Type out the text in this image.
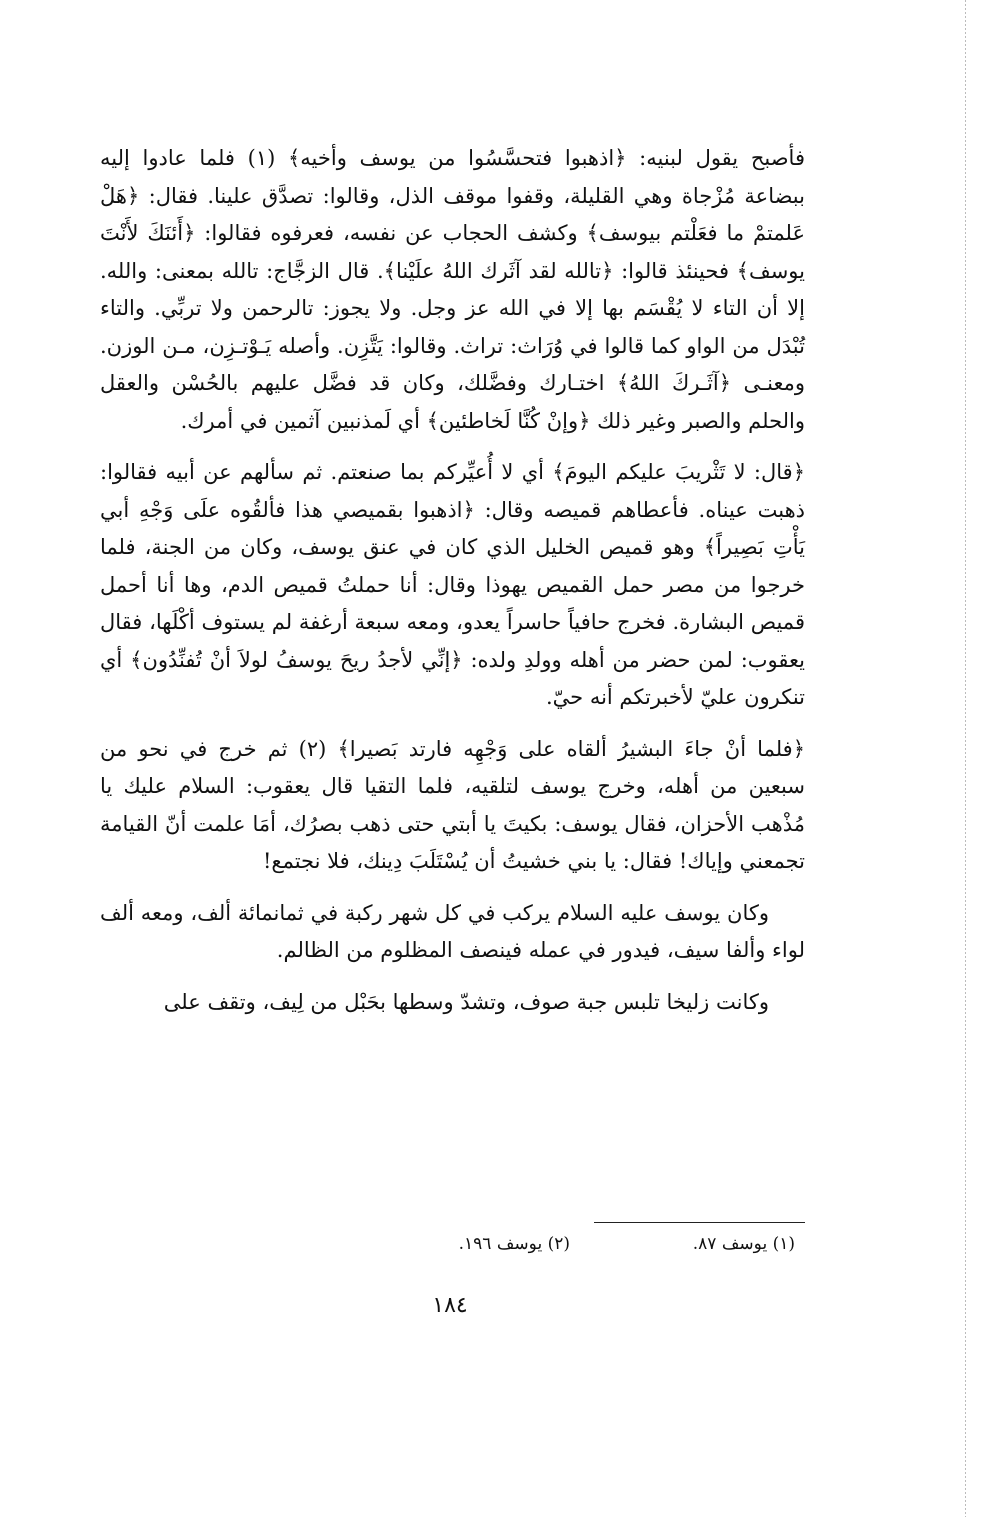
فأصبح يقول لبنيه: ﴿اذهبوا فتحسَّسُوا من يوسف وأخيه﴾ (١) فلما عادوا إليه ببضاعة مُزْجاة وهي القليلة، وقفوا موقف الذل، وقالوا: تصدَّق علينا. فقال: ﴿هَلْ عَلمتمْ ما فعَلْتم بيوسف﴾ وكشف الحجاب عن نفسه، فعرفوه فقالوا: ﴿أَئنَكَ لأَنْتَ يوسف﴾ فحينئذ قالوا: ﴿تالله لقد آثَرك اللهُ علَيْنا﴾. قال الزجَّاج: تالله بمعنى: والله. إلا أن التاء لا يُقْسَم بها إلا في الله عز وجل. ولا يجوز: تالرحمن ولا تربِّي. والتاء تُبْدَل من الواو كما قالوا في وُرَاث: تراث. وقالوا: يَتَّزِن. وأصله يَـوْتـزِن، مـن الوزن. ومعنـى ﴿آثَـركَ اللهُ﴾ اختـارك وفضَّلك، وكان قد فضَّل عليهم بالحُسْن والعقل والحلم والصبر وغير ذلك ﴿وإنْ كُنَّا لَخاطئين﴾ أي لَمذنبين آثمين في أمرك.

﴿قال: لا تَثْريبَ عليكم اليومَ﴾ أي لا أُعيِّركم بما صنعتم. ثم سألهم عن أبيه فقالوا: ذهبت عيناه. فأعطاهم قميصه وقال: ﴿اذهبوا بقميصي هذا فألقُوه علَى وَجْهِ أبي يَأْتِ بَصِيراً﴾ وهو قميص الخليل الذي كان في عنق يوسف، وكان من الجنة، فلما خرجوا من مصر حمل القميص يهوذا وقال: أنا حملتُ قميص الدم، وها أنا أحمل قميص البشارة. فخرج حافياً حاسراً يعدو، ومعه سبعة أرغفة لم يستوف أكْلَها، فقال يعقوب: لمن حضر من أهله وولدِ ولده: ﴿إنِّي لأجدُ ريحَ يوسفُ لولاَ أنْ تُفنِّدُون﴾ أي تنكرون عليّ لأخبرتكم أنه حيّ.

﴿فلما أنْ جاءَ البشيرُ ألقاه على وَجْهِه فارتد بَصيرا﴾ (٢) ثم خرج في نحو من سبعين من أهله، وخرج يوسف لتلقيه، فلما التقيا قال يعقوب: السلام عليك يا مُذْهب الأحزان، فقال يوسف: بكيتَ يا أبتي حتى ذهب بصرُك، أمَا علمت أنّ القيامة تجمعني وإياك! فقال: يا بني خشيتُ أن يُسْتَلَبَ دِينك، فلا نجتمع!

وكان يوسف عليه السلام يركب في كل شهر ركبة في ثمانمائة ألف، ومعه ألف لواء وألفا سيف، فيدور في عمله فينصف المظلوم من الظالم.

وكانت زليخا تلبس جبة صوف، وتشدّ وسطها بحَبْل من لِيف، وتقف على

(١) يوسف ٨٧.
(٢) يوسف ١٩٦.
١٨٤
